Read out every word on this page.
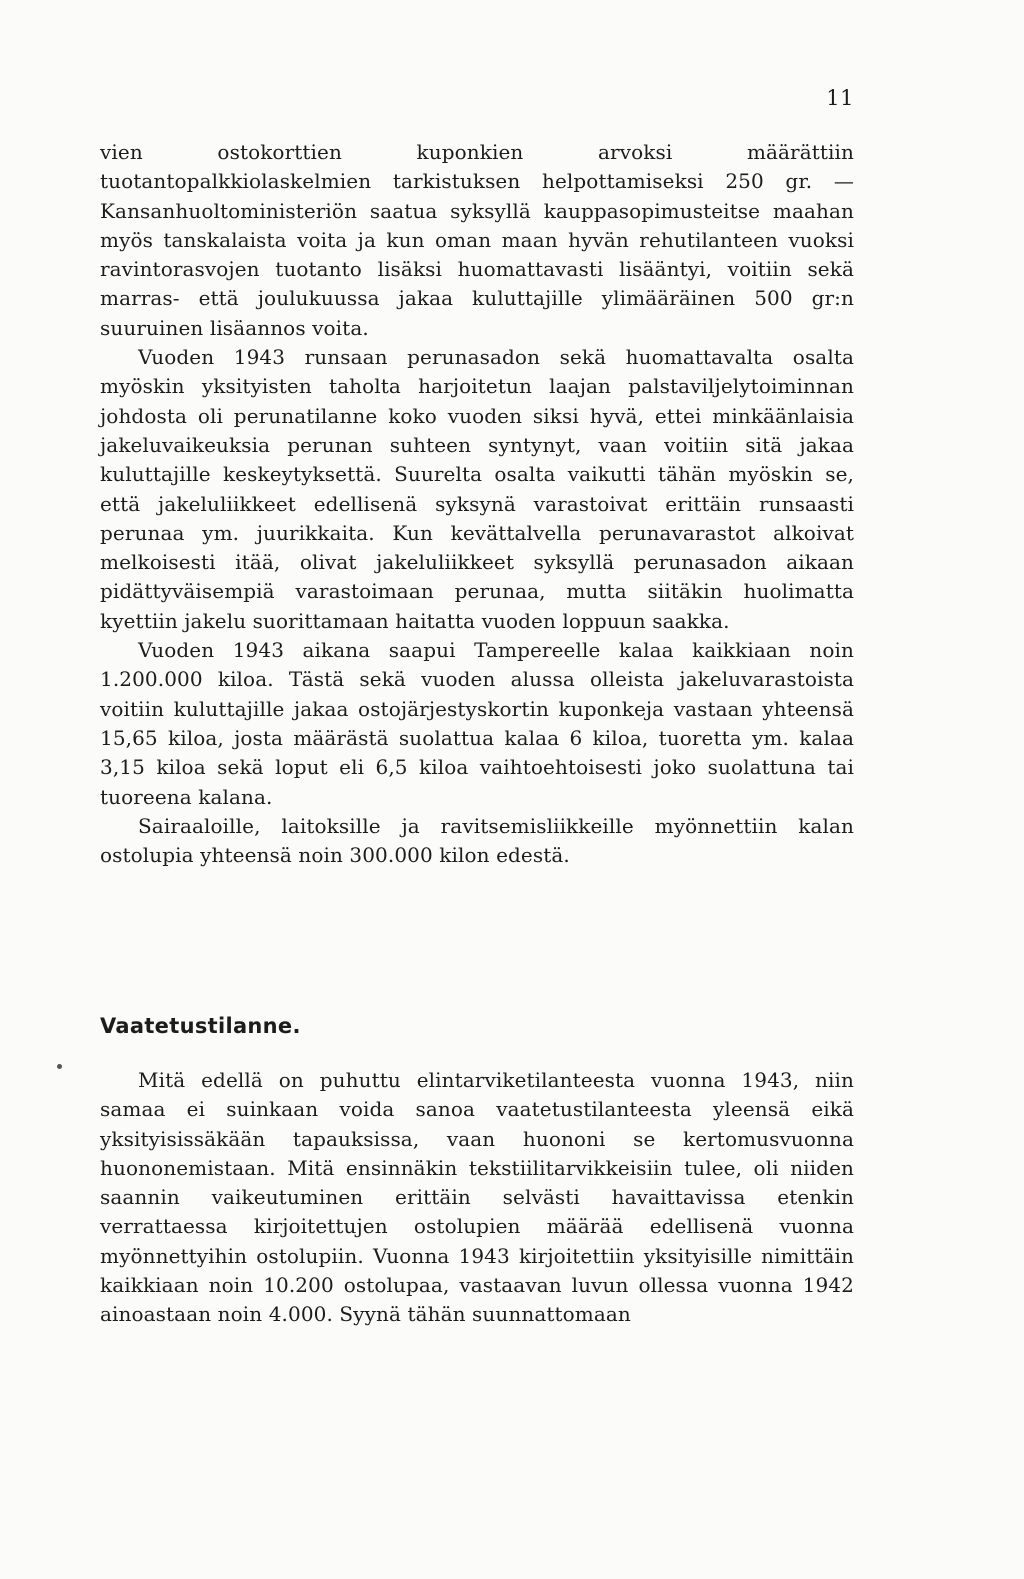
11

vien ostokorttien kuponkien arvoksi määrättiin tuotantopalkkiolaskelmien tarkistuksen helpottamiseksi 250 gr. — Kansanhuoltoministeriön saatua syksyllä kauppasopimusteitse maahan myös tanskalaista voita ja kun oman maan hyvän rehutilanteen vuoksi ravintorasvojen tuotanto lisäksi huomattavasti lisääntyi, voitiin sekä marras- että joulukuussa jakaa kuluttajille ylimääräinen 500 gr:n suuruinen lisäannos voita.

Vuoden 1943 runsaan perunasadon sekä huomattavalta osalta myöskin yksityisten taholta harjoitetun laajan palstaviljelytoiminnan johdosta oli perunatilanne koko vuoden siksi hyvä, ettei minkäänlaisia jakeluvaikeuksia perunan suhteen syntynyt, vaan voitiin sitä jakaa kuluttajille keskeytyksettä. Suurelta osalta vaikutti tähän myöskin se, että jakeluliikkeet edellisenä syksynä varastoivat erittäin runsaasti perunaa ym. juurikkaita. Kun kevättalvella perunavarastot alkoivat melkoisesti itää, olivat jakeluliikkeet syksyllä perunasadon aikaan pidättyväisempiä varastoimaan perunaa, mutta siitäkin huolimatta kyettiin jakelu suorittamaan haitatta vuoden loppuun saakka.

Vuoden 1943 aikana saapui Tampereelle kalaa kaikkiaan noin 1.200.000 kiloa. Tästä sekä vuoden alussa olleista jakeluvarastoista voitiin kuluttajille jakaa ostojärjestyskortin kuponkeja vastaan yhteensä 15,65 kiloa, josta määrästä suolattua kalaa 6 kiloa, tuoretta ym. kalaa 3,15 kiloa sekä loput eli 6,5 kiloa vaihtoehtoisesti joko suolattuna tai tuoreena kalana.

Sairaaloille, laitoksille ja ravitsemisliikkeille myönnettiin kalan ostolupia yhteensä noin 300.000 kilon edestä.

Vaatetustilanne.

Mitä edellä on puhuttu elintarviketilanteesta vuonna 1943, niin samaa ei suinkaan voida sanoa vaatetustilanteesta yleensä eikä yksityisissäkään tapauksissa, vaan huononi se kertomusvuonna huononemistaan. Mitä ensinnäkin tekstiilitarvikkeisiin tulee, oli niiden saannin vaikeutuminen erittäin selvästi havaittavissa etenkin verrattaessa kirjoitettujen ostolupien määrää edellisenä vuonna myönnettyihin ostolupiin. Vuonna 1943 kirjoitettiin yksityisille nimittäin kaikkiaan noin 10.200 ostolupaa, vastaavan luvun ollessa vuonna 1942 ainoastaan noin 4.000. Syynä tähän suunnattomaan
